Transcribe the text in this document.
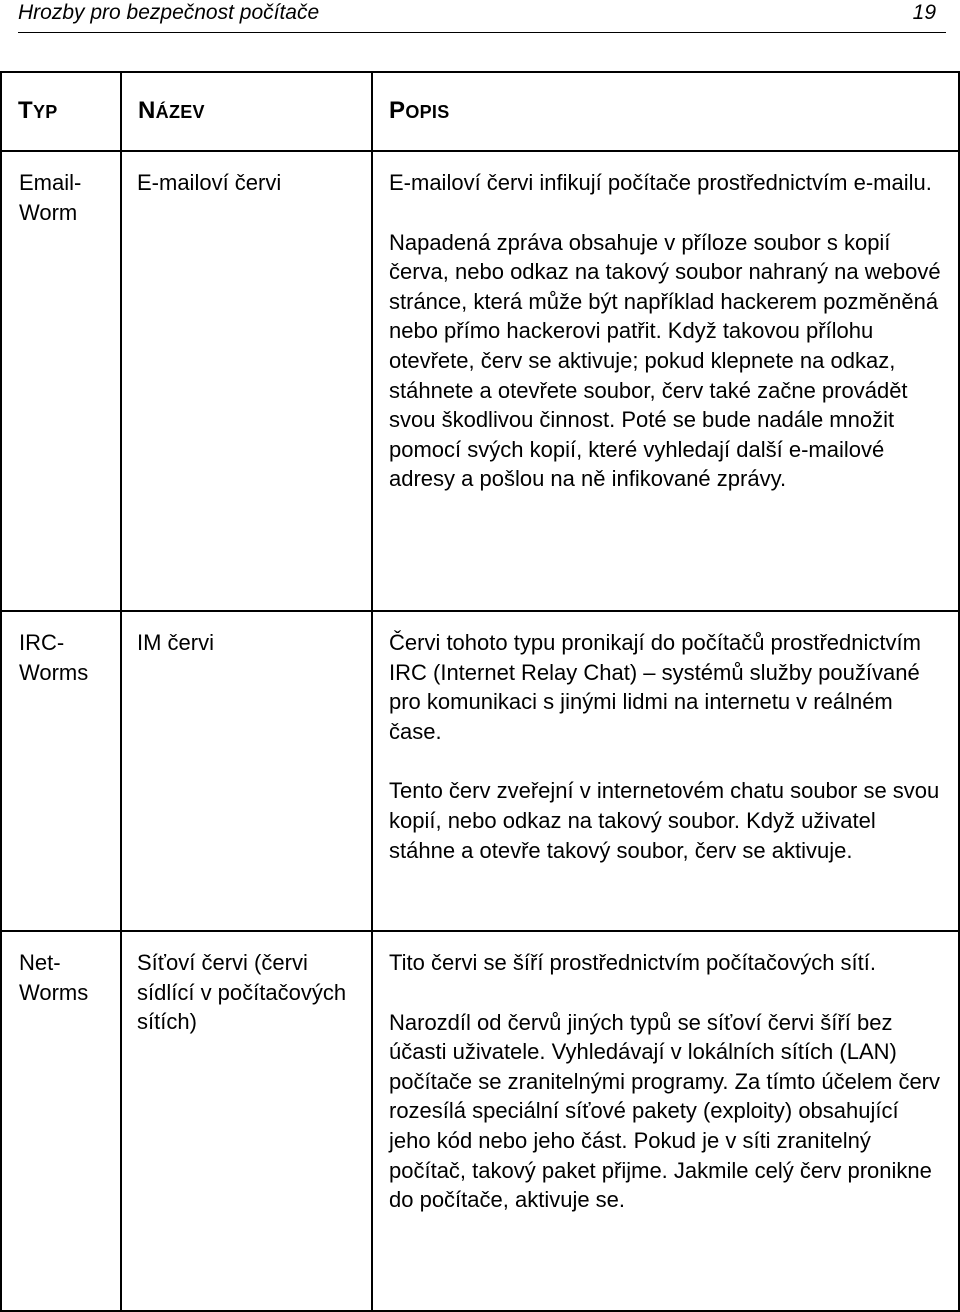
Hrozby pro bezpečnost počítače	19
TYP	NÁZEV	POPIS
Email-Worm	E-mailoví červi	E-mailoví červi infikují počítače prostřednictvím e-mailu.

Napadená zpráva obsahuje v příloze soubor s kopií červa, nebo odkaz na takový soubor nahraný na webové stránce, která může být například hackerem pozměněná nebo přímo hackerovi patřit. Když takovou přílohu otevřete, červ se aktivuje; pokud klepnete na odkaz, stáhnete a otevřete soubor, červ také začne provádět svou škodlivou činnost. Poté se bude nadále množit pomocí svých kopií, které vyhledají další e-mailové adresy a pošlou na ně infikované zprávy.

IRC-Worms	IM červi	Červi tohoto typu pronikají do počítačů prostřednictvím IRC (Internet Relay Chat) – systémů služby používané pro komunikaci s jinými lidmi na internetu v reálném čase.

Tento červ zveřejní v internetovém chatu soubor se svou kopií, nebo odkaz na takový soubor. Když uživatel stáhne a otevře takový soubor, červ se aktivuje.

Net-Worms	Síťoví červi (červi sídlící v počítačových sítích)	Tito červi se šíří prostřednictvím počítačových sítí.

Narozdíl od červů jiných typů se síťoví červi šíří bez účasti uživatele. Vyhledávají v lokálních sítích (LAN) počítače se zranitelnými programy. Za tímto účelem červ rozesílá speciální síťové pakety (exploity) obsahující jeho kód nebo jeho část. Pokud je v síti zranitelný počítač, takový paket přijme. Jakmile celý červ pronikne do počítače, aktivuje se.
